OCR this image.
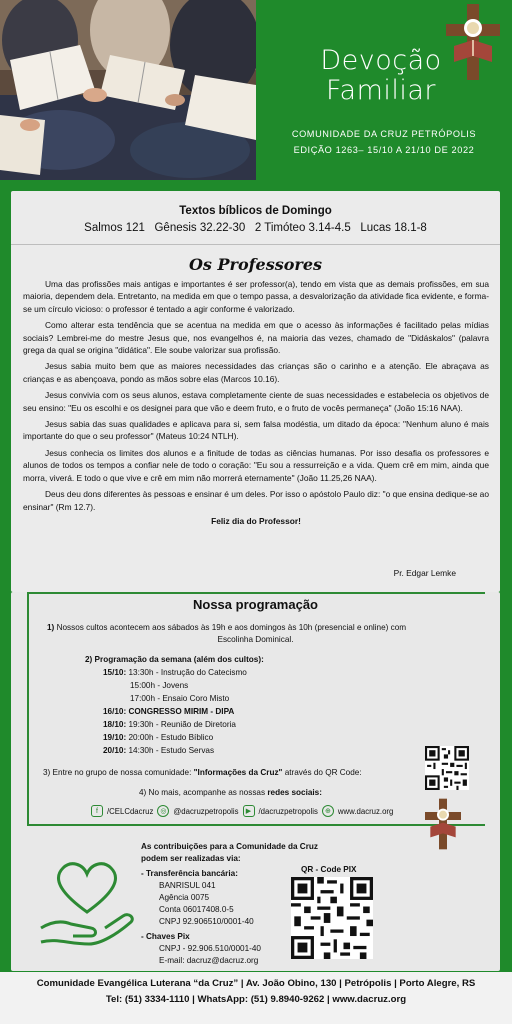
Devoção
Familiar
COMUNIDADE DA CRUZ PETRÓPOLIS
EDIÇÃO 1263– 15/10 A 21/10 DE 2022
Textos bíblicos de Domingo
Salmos 121   Gênesis 32.22-30   2 Timóteo 3.14-4.5   Lucas 18.1-8
Os Professores

Uma das profissões mais antigas e importantes é ser professor(a), tendo em vista que as demais profissões, em sua maioria, dependem dela. Entretanto, na medida em que o tempo passa, a desvalorização da atividade fica evidente, e forma-se um círculo vicioso: o professor é tentado a agir conforme é valorizado.

Como alterar esta tendência que se acentua na medida em que o acesso às informações é facilitado pelas mídias sociais? Lembrei-me do mestre Jesus que, nos evangelhos é, na maioria das vezes, chamado de "Didáskalos" (palavra grega da qual se origina "didática". Ele soube valorizar sua profissão.

Jesus sabia muito bem que as maiores necessidades das crianças são o carinho e a atenção. Ele abraçava as crianças e as abençoava, pondo as mãos sobre elas (Marcos 10.16).

Jesus convivia com os seus alunos, estava completamente ciente de suas necessidades e estabelecia os objetivos de seu ensino: "Eu os escolhi e os designei para que vão e deem fruto, e o fruto de vocês permaneça" (João 15:16 NAA).

Jesus sabia das suas qualidades e aplicava para si, sem falsa modéstia, um ditado da época: "Nenhum aluno é mais importante do que o seu professor" (Mateus 10:24 NTLH).

Jesus conhecia os limites dos alunos e a finitude de todas as ciências humanas. Por isso desafia os professores e alunos de todos os tempos a confiar nele de todo o coração: "Eu sou a ressurreição e a vida. Quem crê em mim, ainda que morra, viverá. E todo o que vive e crê em mim não morrerá eternamente" (João 11.25,26 NAA).

Deus deu dons diferentes às pessoas e ensinar é um deles. Por isso o apóstolo Paulo diz: "o que ensina dedique-se ao ensinar" (Rm 12.7).

Feliz dia do Professor!

Pr. Edgar Lemke
Nossa programação
1) Nossos cultos acontecem aos sábados às 19h e aos domingos às 10h (presencial e online) com
Escolinha Dominical.
2) Programação da semana (além dos cultos):
15/10: 13:30h - Instrução do Catecismo
15:00h - Jovens
17:00h - Ensaio Coro Misto
16/10: CONGRESSO MIRIM - DIPA
18/10: 19:30h - Reunião de Diretoria
19/10: 20:00h - Estudo Bíblico
20/10: 14:30h - Estudo Servas
3) Entre no grupo de nossa comunidade: "Informações da Cruz" através do QR Code:
4) No mais, acompanhe as nossas redes sociais:
f	/CELCdacruz ◎ @dacruzpetropolis	▶ /dacruzpetropolis	⊕ www.dacruz.org
As contribuições para a Comunidade da Cruz
podem ser realizadas via:
- Transferência bancária:
BANRISUL 041
Agência 0075
Conta 06017408.0-5
CNPJ 92.906510/0001-40
- Chaves Pix
CNPJ - 92.906.510/0001-40
E-mail: dacruz@dacruz.org
QR - Code PIX
Comunidade Evangélica Luterana “da Cruz” | Av. João Obino, 130 | Petrópolis | Porto Alegre, RS
Tel: (51) 3334-1110 | WhatsApp: (51) 9.8940-9262 | www.dacruz.org
